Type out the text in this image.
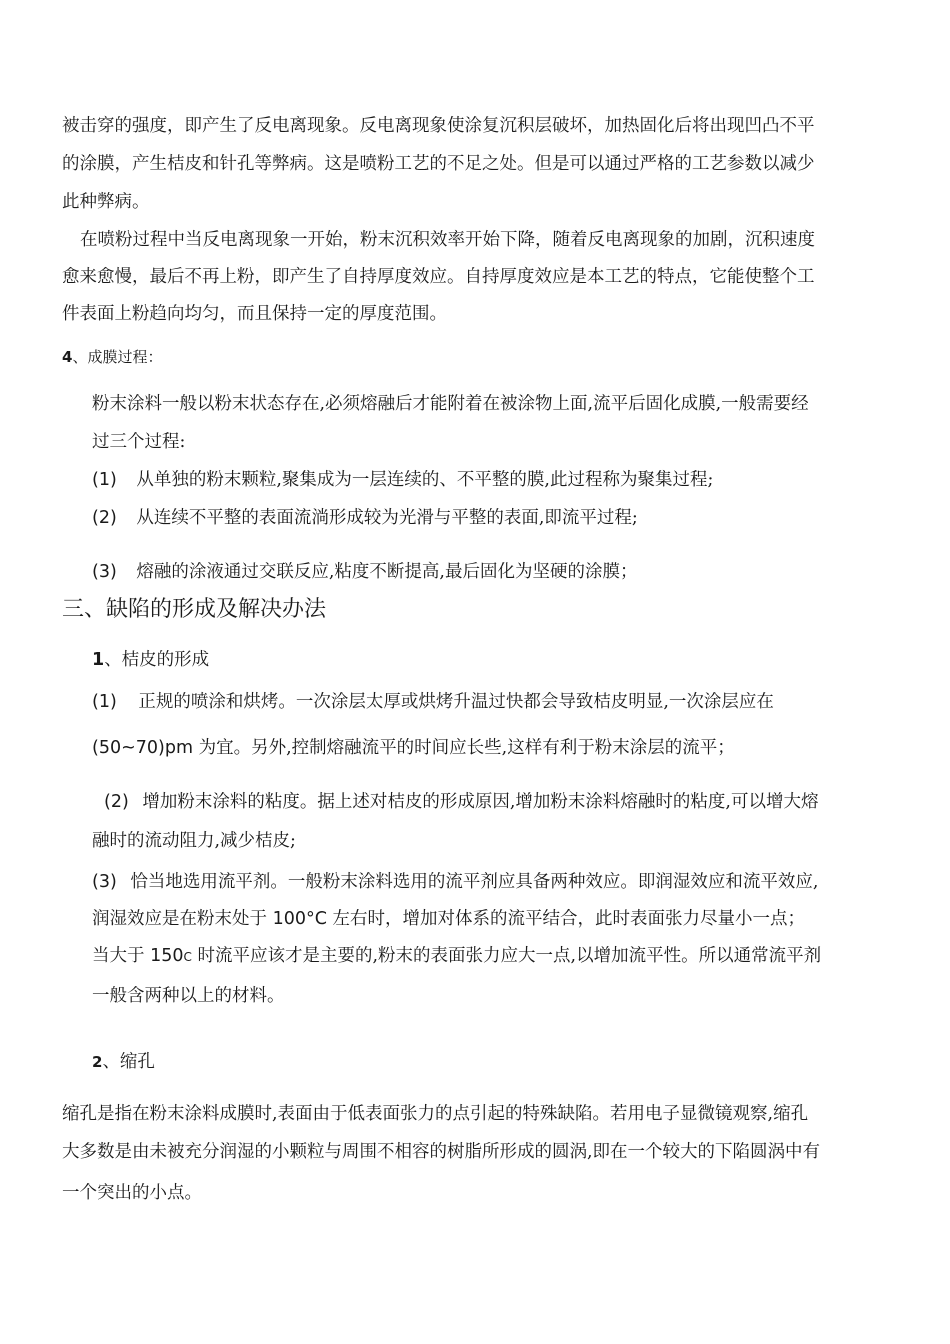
被击穿的强度，即产生了反电离现象。反电离现象使涂复沉积层破坏，加热固化后将出现凹凸不平
的涂膜，产生桔皮和针孔等弊病。这是喷粉工艺的不足之处。但是可以通过严格的工艺参数以减少
此种弊病。
在喷粉过程中当反电离现象一开始，粉末沉积效率开始下降，随着反电离现象的加剧，沉积速度
愈来愈慢，最后不再上粉，即产生了自持厚度效应。自持厚度效应是本工艺的特点，它能使整个工
件表面上粉趋向均匀，而且保持一定的厚度范围。
4、成膜过程：
粉末涂料一般以粉末状态存在,必须熔融后才能附着在被涂物上面,流平后固化成膜,一般需要经
过三个过程:
(1) 从单独的粉末颗粒,聚集成为一层连续的、不平整的膜,此过程称为聚集过程;
(2) 从连续不平整的表面流淌形成较为光滑与平整的表面,即流平过程;
(3) 熔融的涂液通过交联反应,粘度不断提高,最后固化为坚硬的涂膜；
三、缺陷的形成及解决办法
1、桔皮的形成
(1) 正规的喷涂和烘烤。一次涂层太厚或烘烤升温过快都会导致桔皮明显,一次涂层应在
(50~70)pm 为宜。另外,控制熔融流平的时间应长些,这样有利于粉末涂层的流平；
(2) 增加粉末涂料的粘度。据上述对桔皮的形成原因,增加粉末涂料熔融时的粘度,可以增大熔
融时的流动阻力,减少桔皮;
(3) 恰当地选用流平剂。一般粉末涂料选用的流平剂应具备两种效应。即润湿效应和流平效应,
润湿效应是在粉末处于 100°C 左右时，增加对体系的流平结合，此时表面张力尽量小一点；
当大于 150C 时流平应该才是主要的,粉末的表面张力应大一点,以增加流平性。所以通常流平剂
一般含两种以上的材料。
2、缩孔
缩孔是指在粉末涂料成膜时,表面由于低表面张力的点引起的特殊缺陷。若用电子显微镜观察,缩孔
大多数是由未被充分润湿的小颗粒与周围不相容的树脂所形成的圆涡,即在一个较大的下陷圆涡中有
一个突出的小点。
